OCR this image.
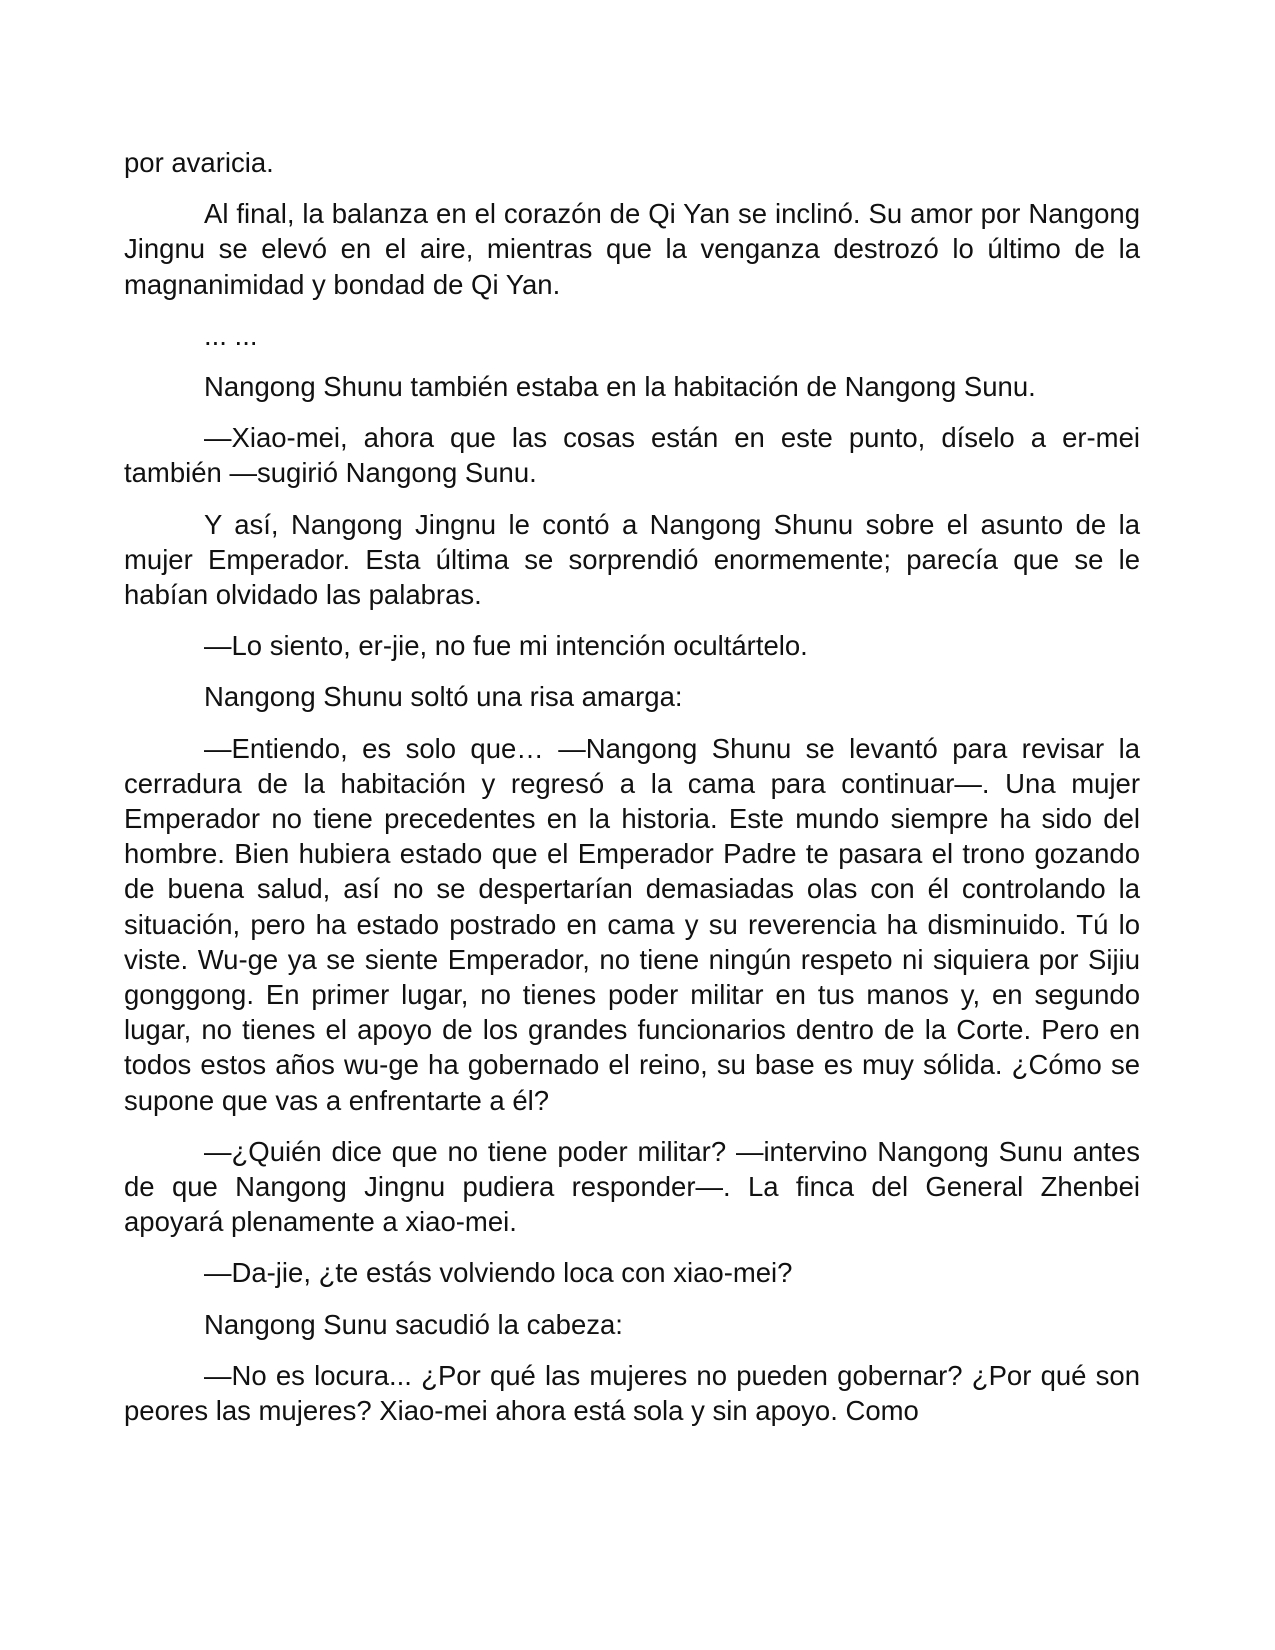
por avaricia.

Al final, la balanza en el corazón de Qi Yan se inclinó. Su amor por Nangong Jingnu se elevó en el aire, mientras que la venganza destrozó lo último de la magnanimidad y bondad de Qi Yan.

... ...

Nangong Shunu también estaba en la habitación de Nangong Sunu.

—Xiao-mei, ahora que las cosas están en este punto, díselo a er-mei también —sugirió Nangong Sunu.

Y así, Nangong Jingnu le contó a Nangong Shunu sobre el asunto de la mujer Emperador. Esta última se sorprendió enormemente; parecía que se le habían olvidado las palabras.

—Lo siento, er-jie, no fue mi intención ocultártelo.

Nangong Shunu soltó una risa amarga:

—Entiendo, es solo que… —Nangong Shunu se levantó para revisar la cerradura de la habitación y regresó a la cama para continuar—. Una mujer Emperador no tiene precedentes en la historia. Este mundo siempre ha sido del hombre. Bien hubiera estado que el Emperador Padre te pasara el trono gozando de buena salud, así no se despertarían demasiadas olas con él controlando la situación, pero ha estado postrado en cama y su reverencia ha disminuido. Tú lo viste. Wu-ge ya se siente Emperador, no tiene ningún respeto ni siquiera por Sijiu gonggong. En primer lugar, no tienes poder militar en tus manos y, en segundo lugar, no tienes el apoyo de los grandes funcionarios dentro de la Corte. Pero en todos estos años wu-ge ha gobernado el reino, su base es muy sólida. ¿Cómo se supone que vas a enfrentarte a él?

—¿Quién dice que no tiene poder militar? —intervino Nangong Sunu antes de que Nangong Jingnu pudiera responder—. La finca del General Zhenbei apoyará plenamente a xiao-mei.

—Da-jie, ¿te estás volviendo loca con xiao-mei?

Nangong Sunu sacudió la cabeza:

—No es locura... ¿Por qué las mujeres no pueden gobernar? ¿Por qué son peores las mujeres? Xiao-mei ahora está sola y sin apoyo. Como
